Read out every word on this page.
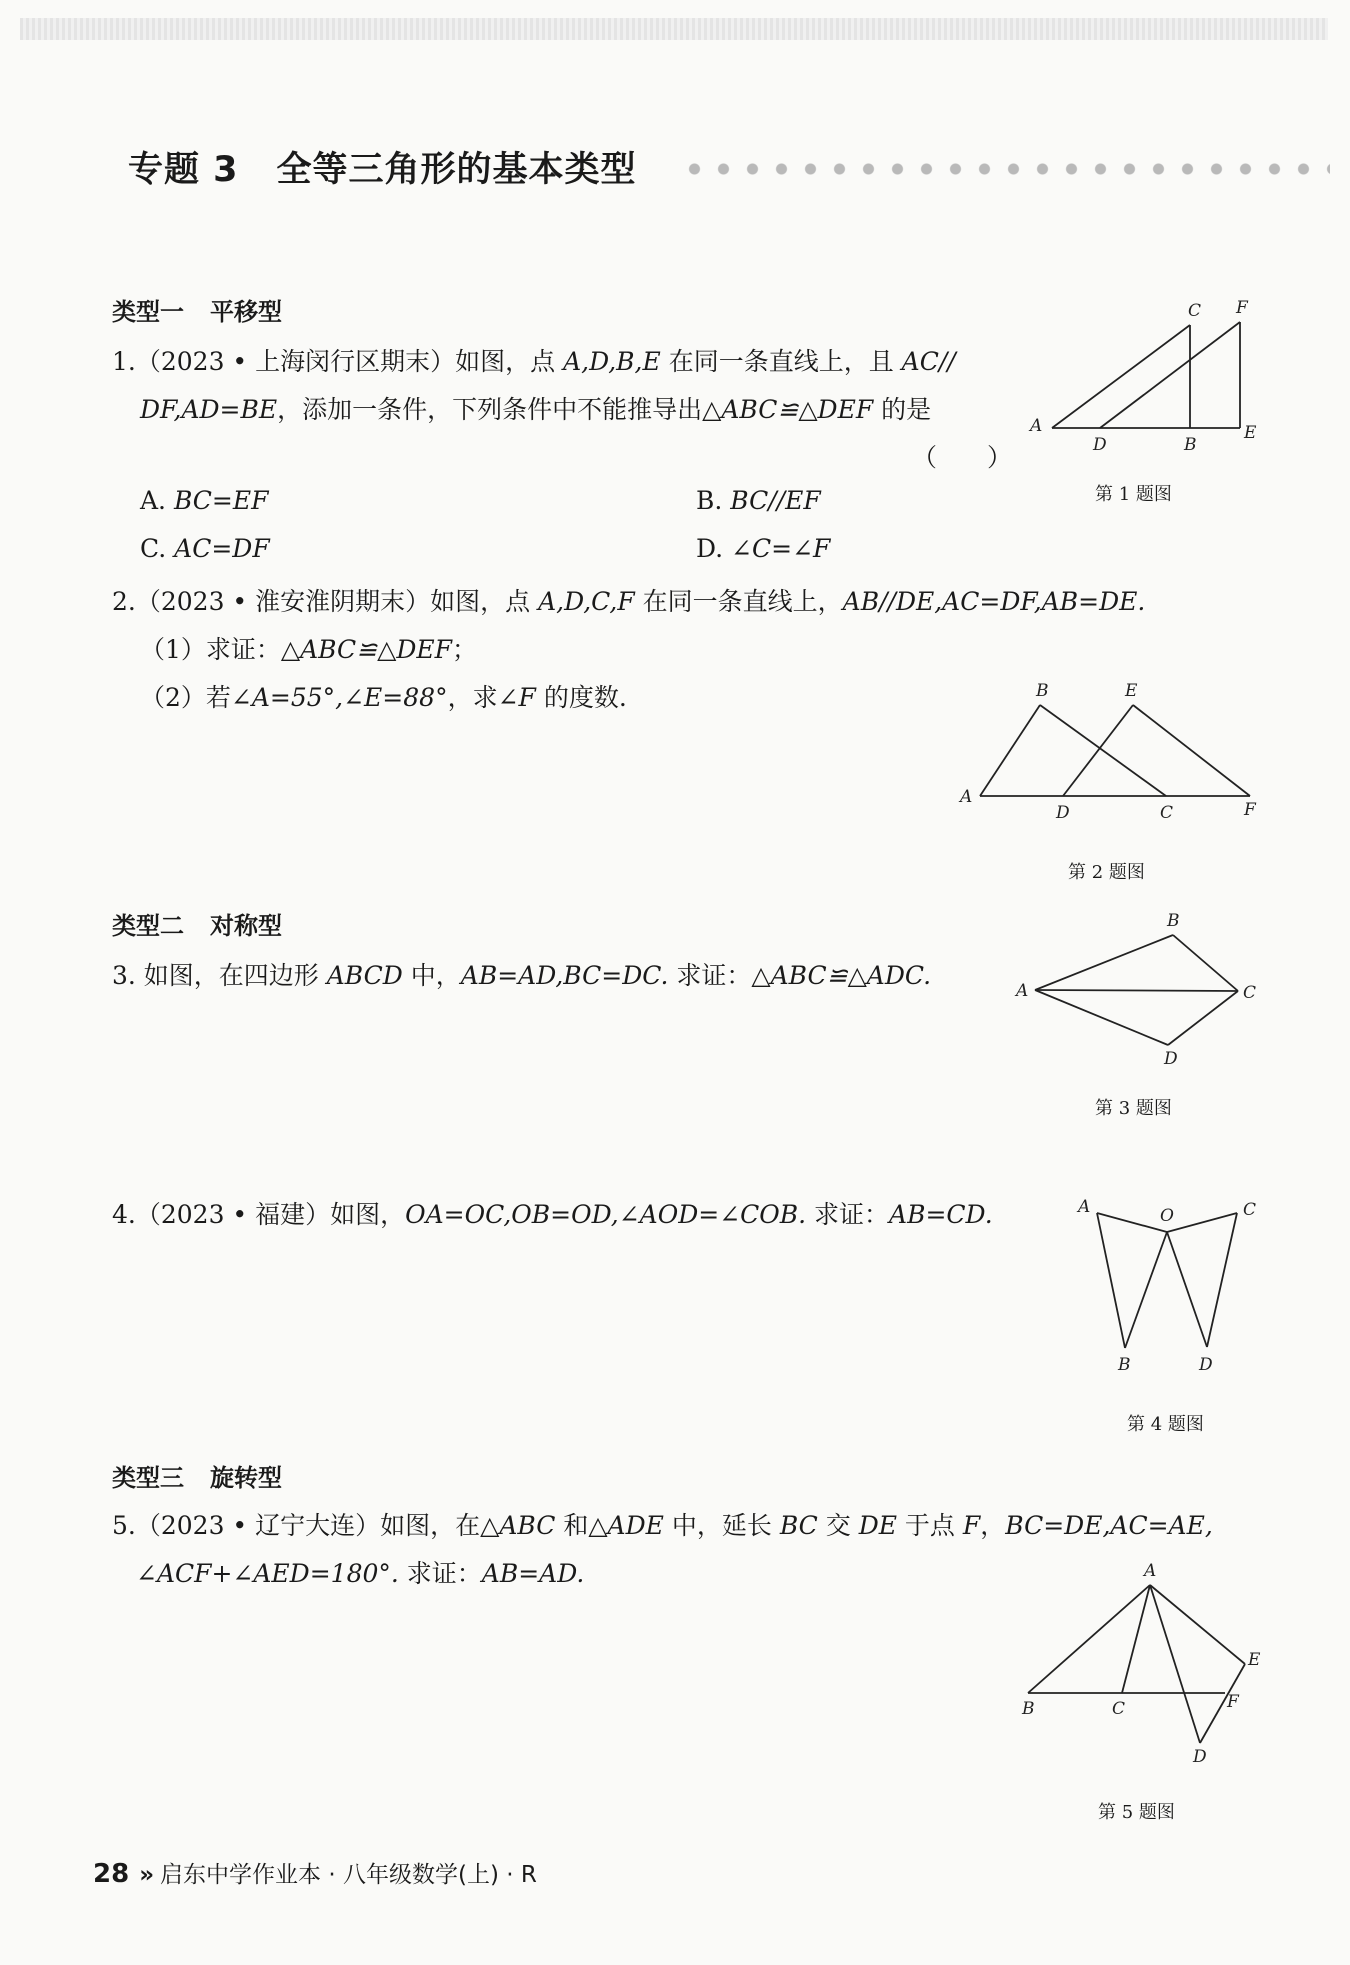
专题 3 全等三角形的基本类型
类型一 平移型
1.（2023 • 上海闵行区期末）如图，点 A,D,B,E 在同一条直线上，且 AC//
DF,AD=BE，添加一条件，下列条件中不能推导出△ABC≌△DEF 的是
（　　）
A. BC=EF	B. BC//EF
C. AC=DF	D. ∠C=∠F
C F
A
D	B
E
第 1 题图
2.（2023 • 淮安淮阴期末）如图，点 A,D,C,F 在同一条直线上，AB//DE,AC=DF,AB=DE.
（1）求证：△ABC≌△DEF；
（2）若∠A=55°,∠E=88°，求∠F 的度数.	B	E
A
D	C	F
第 2 题图
类型二 对称型
3. 如图，在四边形 ABCD 中，AB=AD,BC=DC. 求证：△ABC≌△ADC.
B
A	C
D
第 3 题图
4.（2023 • 福建）如图，OA=OC,OB=OD,∠AOD=∠COB. 求证：AB=CD.	A	O	C
B	D
第 4 题图
类型三 旋转型
5.（2023 • 辽宁大连）如图，在△ABC 和△ADE 中，延长 BC 交 DE 于点 F，BC=DE,AC=AE,
∠ACF+∠AED=180°. 求证：AB=AD.	A
E
F
B	C
D
第 5 题图
28 » 启东中学作业本 · 八年级数学(上) · R
